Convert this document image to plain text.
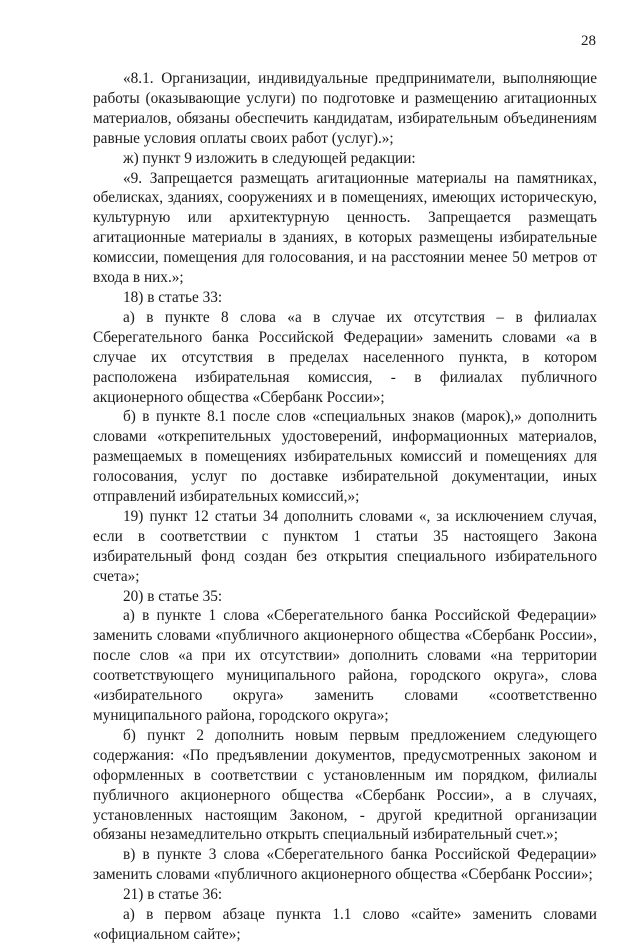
28

«8.1. Организации, индивидуальные предприниматели, выполняющие работы (оказывающие услуги) по подготовке и размещению агитационных материалов, обязаны обеспечить кандидатам, избирательным объединениям равные условия оплаты своих работ (услуг).»;

ж) пункт 9 изложить в следующей редакции:

«9. Запрещается размещать агитационные материалы на памятниках, обелисках, зданиях, сооружениях и в помещениях, имеющих историческую, культурную или архитектурную ценность. Запрещается размещать агитационные материалы в зданиях, в которых размещены избирательные комиссии, помещения для голосования, и на расстоянии менее 50 метров от входа в них.»;

18) в статье 33:

а) в пункте 8 слова «а в случае их отсутствия – в филиалах Сберегательного банка Российской Федерации» заменить словами «а в случае их отсутствия в пределах населенного пункта, в котором расположена избирательная комиссия, - в филиалах публичного акционерного общества «Сбербанк России»;

б) в пункте 8.1 после слов «специальных знаков (марок),» дополнить словами «открепительных удостоверений, информационных материалов, размещаемых в помещениях избирательных комиссий и помещениях для голосования, услуг по доставке избирательной документации, иных отправлений избирательных комиссий,»;

19) пункт 12 статьи 34 дополнить словами «, за исключением случая, если в соответствии с пунктом 1 статьи 35 настоящего Закона избирательный фонд создан без открытия специального избирательного счета»;

20) в статье 35:

а) в пункте 1 слова «Сберегательного банка Российской Федерации» заменить словами «публичного акционерного общества «Сбербанк России», после слов «а при их отсутствии» дополнить словами «на территории соответствующего муниципального района, городского округа», слова «избирательного округа» заменить словами «соответственно муниципального района, городского округа»;

б) пункт 2 дополнить новым первым предложением следующего содержания: «По предъявлении документов, предусмотренных законом и оформленных в соответствии с установленным им порядком, филиалы публичного акционерного общества «Сбербанк России», а в случаях, установленных настоящим Законом, - другой кредитной организации обязаны незамедлительно открыть специальный избирательный счет.»;

в) в пункте 3 слова «Сберегательного банка Российской Федерации» заменить словами «публичного акционерного общества «Сбербанк России»;

21) в статье 36:

а) в первом абзаце пункта 1.1 слово «сайте» заменить словами «официальном сайте»;
